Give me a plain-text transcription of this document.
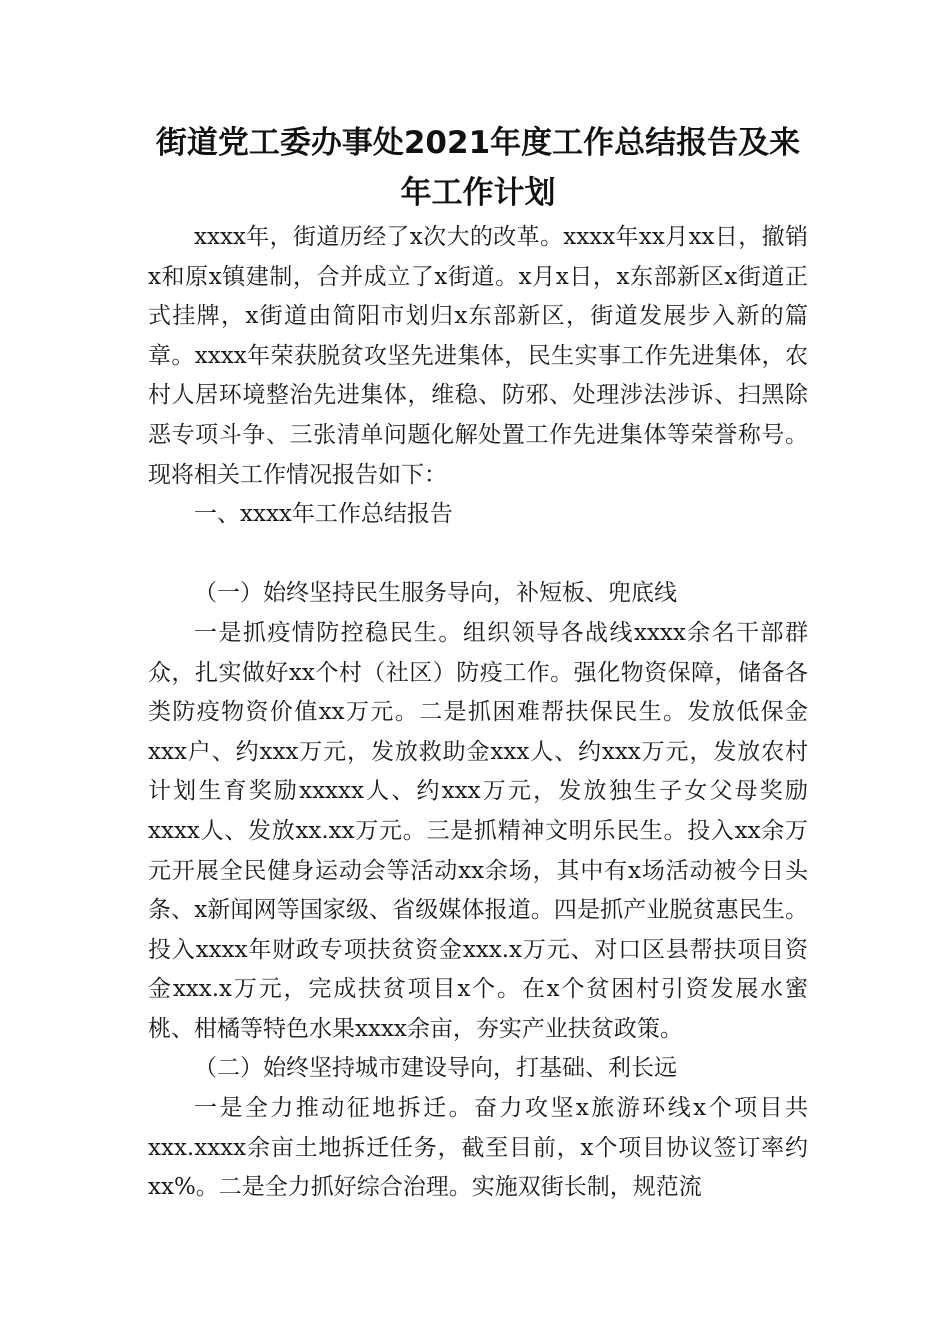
街道党工委办事处2021年度工作总结报告及来年工作计划

xxxx年，街道历经了x次大的改革。xxxx年xx月xx日，撤销x和原x镇建制，合并成立了x街道。x月x日，x东部新区x街道正式挂牌，x街道由简阳市划归x东部新区，街道发展步入新的篇章。xxxx年荣获脱贫攻坚先进集体，民生实事工作先进集体，农村人居环境整治先进集体，维稳、防邪、处理涉法涉诉、扫黑除恶专项斗争、三张清单问题化解处置工作先进集体等荣誉称号。现将相关工作情况报告如下：

一、xxxx年工作总结报告

（一）始终坚持民生服务导向，补短板、兜底线

一是抓疫情防控稳民生。组织领导各战线xxxx余名干部群众，扎实做好xx个村（社区）防疫工作。强化物资保障，储备各类防疫物资价值xx万元。二是抓困难帮扶保民生。发放低保金xxx户、约xxx万元，发放救助金xxx人、约xxx万元，发放农村计划生育奖励xxxxx人、约xxx万元，发放独生子女父母奖励xxxx人、发放xx.xx万元。三是抓精神文明乐民生。投入xx余万元开展全民健身运动会等活动xx余场，其中有x场活动被今日头条、x新闻网等国家级、省级媒体报道。四是抓产业脱贫惠民生。投入xxxx年财政专项扶贫资金xxx.x万元、对口区县帮扶项目资金xxx.x万元，完成扶贫项目x个。在x个贫困村引资发展水蜜桃、柑橘等特色水果xxxx余亩，夯实产业扶贫政策。

（二）始终坚持城市建设导向，打基础、利长远

一是全力推动征地拆迁。奋力攻坚x旅游环线x个项目共xxx.xxxx余亩土地拆迁任务，截至目前，x个项目协议签订率约xx%。二是全力抓好综合治理。实施双街长制，规范流
